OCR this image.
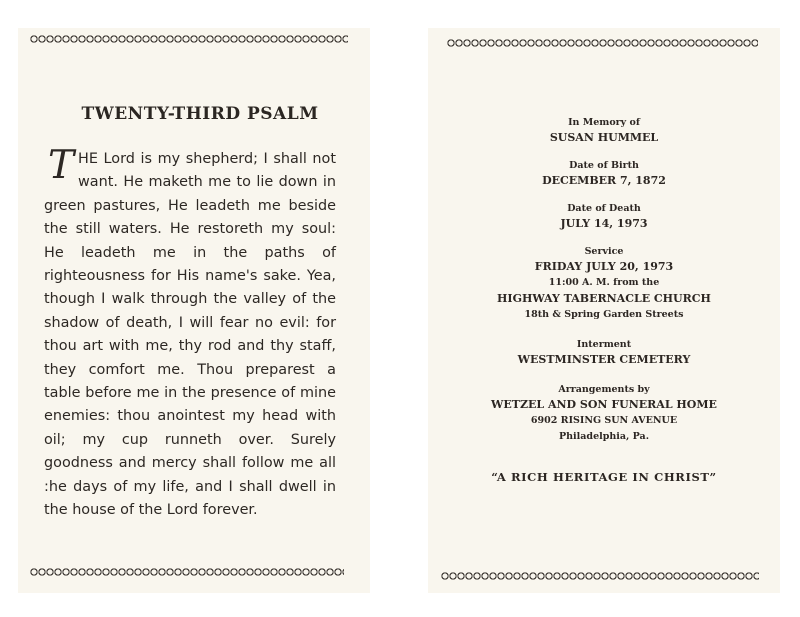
TWENTY-THIRD PSALM

THE Lord is my shepherd; I shall not want. He maketh me to lie down in green pastures, He leadeth me beside the still waters. He restoreth my soul: He leadeth me in the paths of righteousness for His name's sake. Yea, though I walk through the valley of the shadow of death, I will fear no evil: for thou art with me, thy rod and thy staff, they comfort me. Thou preparest a table before me in the presence of mine enemies: thou anointest my head with oil; my cup runneth over. Surely goodness and mercy shall follow me all :he days of my life, and I shall dwell in the house of the Lord forever.

In Memory of
SUSAN HUMMEL
Date of Birth
DECEMBER 7, 1872
Date of Death
JULY 14, 1973
Service
FRIDAY JULY 20, 1973
11:00 A. M. from the
HIGHWAY TABERNACLE CHURCH
18th & Spring Garden Streets
Interment
WESTMINSTER CEMETERY
Arrangements by
WETZEL AND SON FUNERAL HOME
6902 RISING SUN AVENUE
Philadelphia, Pa.
“A RICH HERITAGE IN CHRIST”
